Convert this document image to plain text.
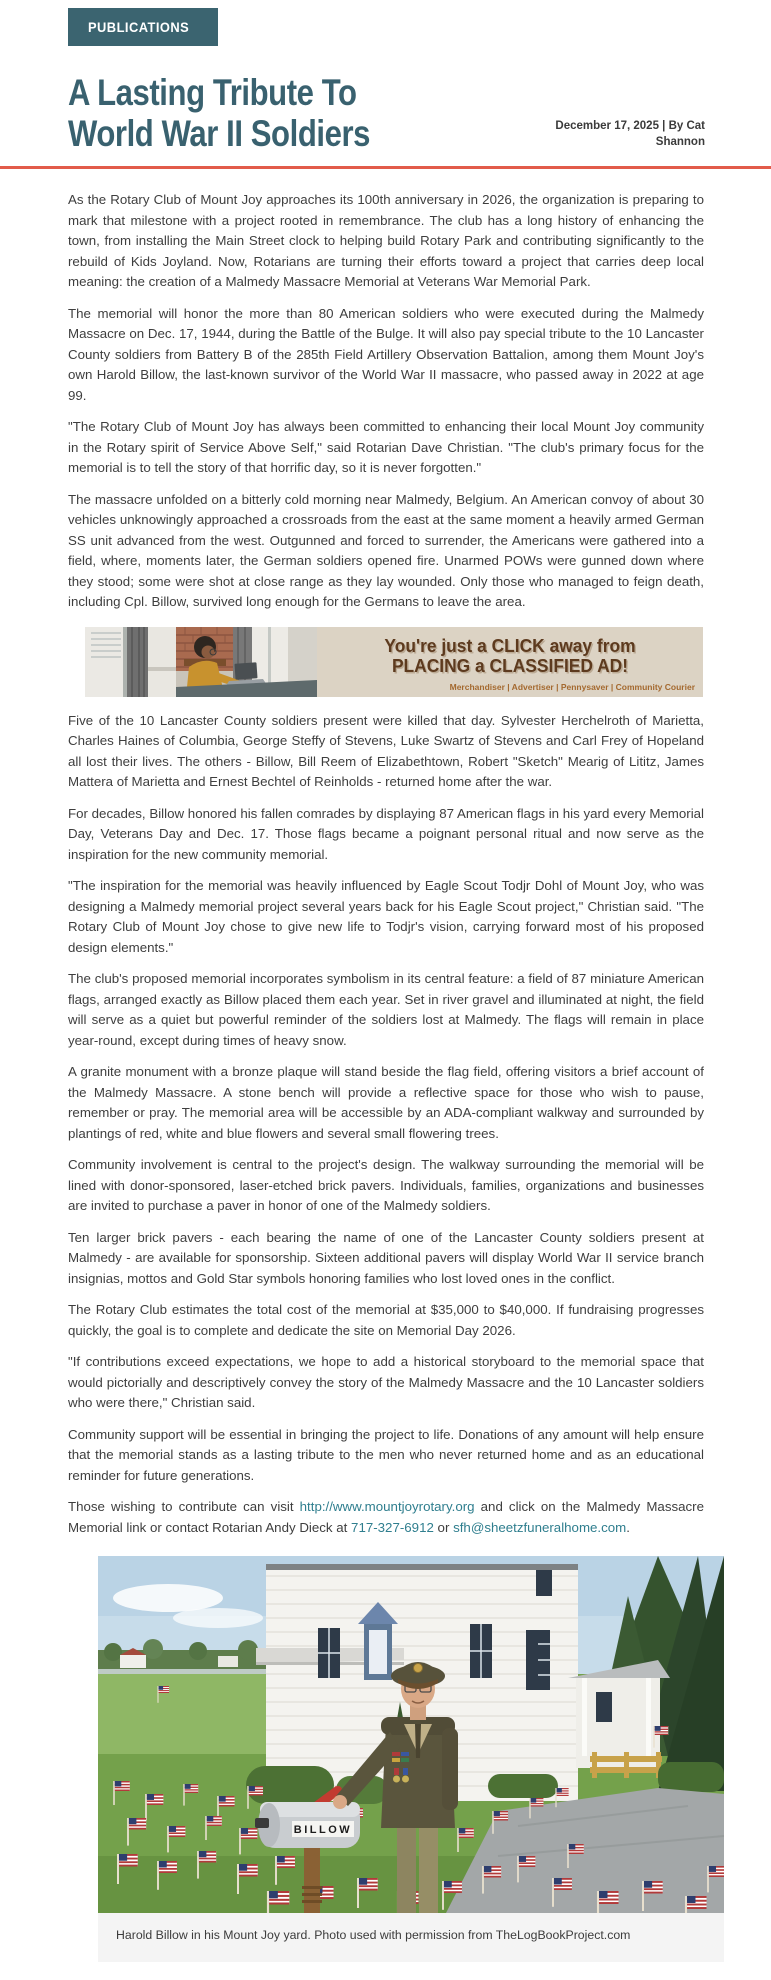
PUBLICATIONS
A Lasting Tribute To
World War II Soldiers	December 17, 2025 | By Cat Shannon

As the Rotary Club of Mount Joy approaches its 100th anniversary in 2026, the organization is preparing to mark that milestone with a project rooted in remembrance. The club has a long history of enhancing the town, from installing the Main Street clock to helping build Rotary Park and contributing significantly to the rebuild of Kids Joyland. Now, Rotarians are turning their efforts toward a project that carries deep local meaning: the creation of a Malmedy Massacre Memorial at Veterans War Memorial Park.

The memorial will honor the more than 80 American soldiers who were executed during the Malmedy Massacre on Dec. 17, 1944, during the Battle of the Bulge. It will also pay special tribute to the 10 Lancaster County soldiers from Battery B of the 285th Field Artillery Observation Battalion, among them Mount Joy's own Harold Billow, the last-known survivor of the World War II massacre, who passed away in 2022 at age 99.

"The Rotary Club of Mount Joy has always been committed to enhancing their local Mount Joy community in the Rotary spirit of Service Above Self," said Rotarian Dave Christian. "The club's primary focus for the memorial is to tell the story of that horrific day, so it is never forgotten."

The massacre unfolded on a bitterly cold morning near Malmedy, Belgium. An American convoy of about 30 vehicles unknowingly approached a crossroads from the east at the same moment a heavily armed German SS unit advanced from the west. Outgunned and forced to surrender, the Americans were gathered into a field, where, moments later, the German soldiers opened fire. Unarmed POWs were gunned down where they stood; some were shot at close range as they lay wounded. Only those who managed to feign death, including Cpl. Billow, survived long enough for the Germans to leave the area.

You're just a CLICK away from
PLACING a CLASSIFIED AD!
Merchandiser | Advertiser | Pennysaver | Community Courier

Five of the 10 Lancaster County soldiers present were killed that day. Sylvester Herchelroth of Marietta, Charles Haines of Columbia, George Steffy of Stevens, Luke Swartz of Stevens and Carl Frey of Hopeland all lost their lives. The others - Billow, Bill Reem of Elizabethtown, Robert "Sketch" Mearig of Lititz, James Mattera of Marietta and Ernest Bechtel of Reinholds - returned home after the war.

For decades, Billow honored his fallen comrades by displaying 87 American flags in his yard every Memorial Day, Veterans Day and Dec. 17. Those flags became a poignant personal ritual and now serve as the inspiration for the new community memorial.

"The inspiration for the memorial was heavily influenced by Eagle Scout Todjr Dohl of Mount Joy, who was designing a Malmedy memorial project several years back for his Eagle Scout project," Christian said. "The Rotary Club of Mount Joy chose to give new life to Todjr's vision, carrying forward most of his proposed design elements."

The club's proposed memorial incorporates symbolism in its central feature: a field of 87 miniature American flags, arranged exactly as Billow placed them each year. Set in river gravel and illuminated at night, the field will serve as a quiet but powerful reminder of the soldiers lost at Malmedy. The flags will remain in place year-round, except during times of heavy snow.

A granite monument with a bronze plaque will stand beside the flag field, offering visitors a brief account of the Malmedy Massacre. A stone bench will provide a reflective space for those who wish to pause, remember or pray. The memorial area will be accessible by an ADA-compliant walkway and surrounded by plantings of red, white and blue flowers and several small flowering trees.

Community involvement is central to the project's design. The walkway surrounding the memorial will be lined with donor-sponsored, laser-etched brick pavers. Individuals, families, organizations and businesses are invited to purchase a paver in honor of one of the Malmedy soldiers.

Ten larger brick pavers - each bearing the name of one of the Lancaster County soldiers present at Malmedy - are available for sponsorship. Sixteen additional pavers will display World War II service branch insignias, mottos and Gold Star symbols honoring families who lost loved ones in the conflict.

The Rotary Club estimates the total cost of the memorial at $35,000 to $40,000. If fundraising progresses quickly, the goal is to complete and dedicate the site on Memorial Day 2026.

"If contributions exceed expectations, we hope to add a historical storyboard to the memorial space that would pictorially and descriptively convey the story of the Malmedy Massacre and the 10 Lancaster soldiers who were there," Christian said.

Community support will be essential in bringing the project to life. Donations of any amount will help ensure that the memorial stands as a lasting tribute to the men who never returned home and as an educational reminder for future generations.

Those wishing to contribute can visit http://www.mountjoyrotary.org and click on the Malmedy Massacre Memorial link or contact Rotarian Andy Dieck at 717-327-6912 or sfh@sheetzfuneralhome.com.

BILLOW
Harold Billow in his Mount Joy yard. Photo used with permission from TheLogBookProject.com
